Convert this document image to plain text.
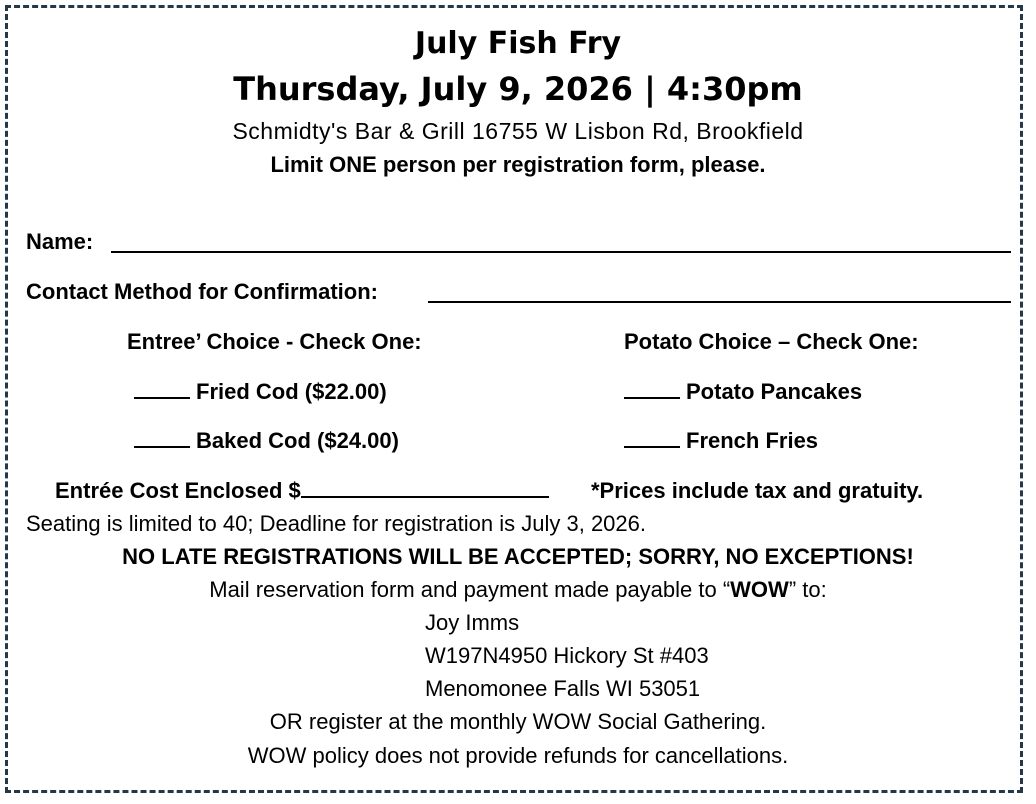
July Fish Fry
Thursday, July 9, 2026 | 4:30pm
Schmidty's Bar & Grill 16755 W Lisbon Rd, Brookfield
Limit ONE person per registration form, please.
Name:
Contact Method for Confirmation:
Entree’ Choice - Check One:	Potato Choice – Check One:
Fried Cod ($22.00)
Baked Cod ($24.00)
Potato Pancakes
French Fries
Entrée Cost Enclosed $	*Prices include tax and gratuity.
Seating is limited to 40; Deadline for registration is July 3, 2026.
NO LATE REGISTRATIONS WILL BE ACCEPTED; SORRY, NO EXCEPTIONS!
Mail reservation form and payment made payable to “WOW” to:
Joy Imms
W197N4950 Hickory St #403
Menomonee Falls WI 53051
OR register at the monthly WOW Social Gathering.
WOW policy does not provide refunds for cancellations.
